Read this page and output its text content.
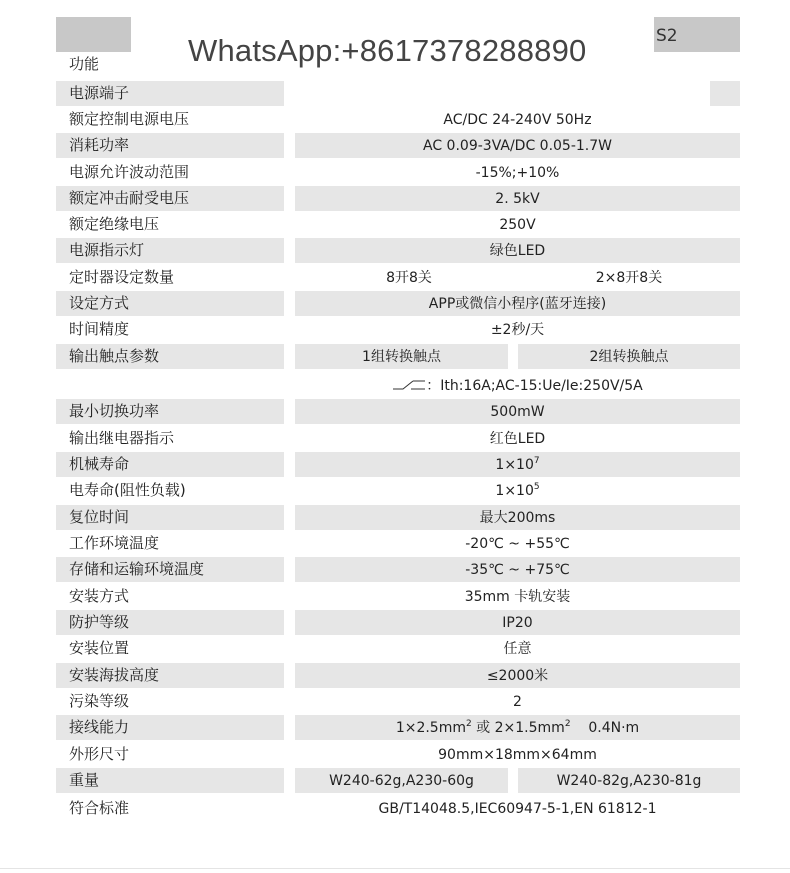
S2
功能
电源端子
WhatsApp:+8617378288890
额定控制电源电压	AC/DC 24-240V 50Hz
消耗功率	AC 0.09-3VA/DC 0.05-1.7W
电源允许波动范围	-15%;+10%
额定冲击耐受电压	2. 5kV
额定绝缘电压	250V
电源指示灯	绿色LED
定时器设定数量	8开8关	2×8开8关
设定方式	APP或微信小程序(蓝牙连接)
时间精度	±2秒/天
输出触点参数	1组转换触点	2组转换触点
：Ith:16A;AC-15:Ue/Ie:250V/5A
最小切换功率	500mW
输出继电器指示	红色LED
机械寿命	$1\times 10^7$
电寿命(阻性负载)	$1\times 10^5$
复位时间	最大200ms
工作环境温度	-20℃ ~ +55℃
存储和运输环境温度	-35℃ ~ +75℃
安装方式	35mm 卡轨安装
防护等级	IP20
安装位置	任意
安装海拔高度	≤2000米
污染等级	2
接线能力	$1\times 2.5mm^2$ 或 $2\times 1.5mm^2$    0.4N·m
外形尺寸	90mm×18mm×64mm
重量	W240-62g,A230-60g	W240-82g,A230-81g
符合标准	GB/T14048.5,IEC60947-5-1,EN 61812-1
